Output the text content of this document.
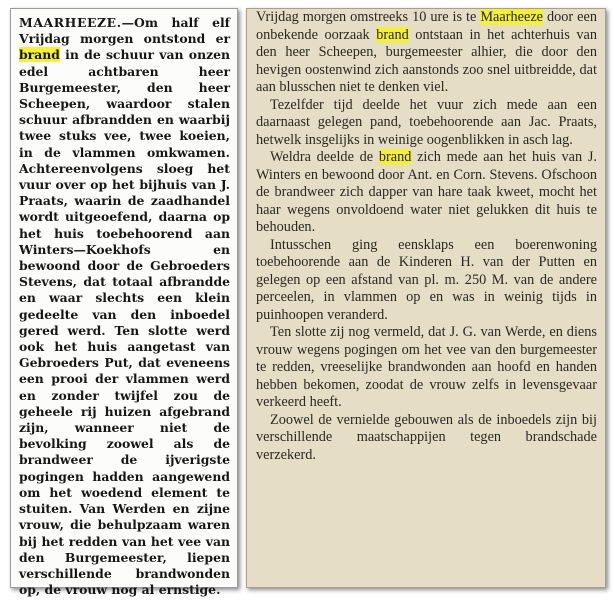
MAARHEEZE.—Om half elf Vrijdag morgen ontstond er brand in de schuur van onzen edel achtbaren heer Burgemeester, den heer Scheepen, waardoor stalen schuur afbrandden en waarbij twee stuks vee, twee koeien, in de vlammen omkwamen. Achtereenvolgens sloeg het vuur over op het bijhuis van J. Praats, waarin de zaadhandel wordt uitgeoefend, daarna op het huis toebehoorend aan Winters—Koekhofs en bewoond door de Gebroeders Stevens, dat totaal afbrandde en waar slechts een klein gedeelte van den inboedel gered werd. Ten slotte werd ook het huis aangetast van Gebroeders Put, dat eveneens een prooi der vlammen werd en zonder twijfel zou de geheele rij huizen afgebrand zijn, wanneer niet de bevolking zoowel als de brandweer de ijverigste pogingen hadden aangewend om het woedend element te stuiten. Van Werden en zijne vrouw, die behulpzaam waren bij het redden van het vee van den Burgemeester, liepen verschillende brandwonden op, de vrouw nog al ernstige.

Vrijdag morgen omstreeks 10 ure is te Maarheeze door een onbekende oorzaak brand ontstaan in het achterhuis van den heer Scheepen, burgemeester alhier, die door den hevigen oostenwind zich aanstonds zoo snel uitbreidde, dat aan blusschen niet te denken viel.

Tezelfder tijd deelde het vuur zich mede aan een daarnaast gelegen pand, toebehoorende aan Jac. Praats, hetwelk insgelijks in weinige oogenblikken in asch lag.

Weldra deelde de brand zich mede aan het huis van J. Winters en bewoond door Ant. en Corn. Stevens. Ofschoon de brandweer zich dapper van hare taak kweet, mocht het haar wegens onvoldoend water niet gelukken dit huis te behouden.

Intusschen ging eensklaps een boerenwoning toebehoorende aan de Kinderen H. van der Putten en gelegen op een afstand van pl. m. 250 M. van de andere perceelen, in vlammen op en was in weinig tijds in puinhoopen veranderd.

Ten slotte zij nog vermeld, dat J. G. van Werde, en diens vrouw wegens pogingen om het vee van den burgemeester te redden, vreeselijke brandwonden aan hoofd en handen hebben bekomen, zoodat de vrouw zelfs in levensgevaar verkeerd heeft.

Zoowel de vernielde gebouwen als de inboedels zijn bij verschillende maatschappijen tegen brandschade verzekerd.
